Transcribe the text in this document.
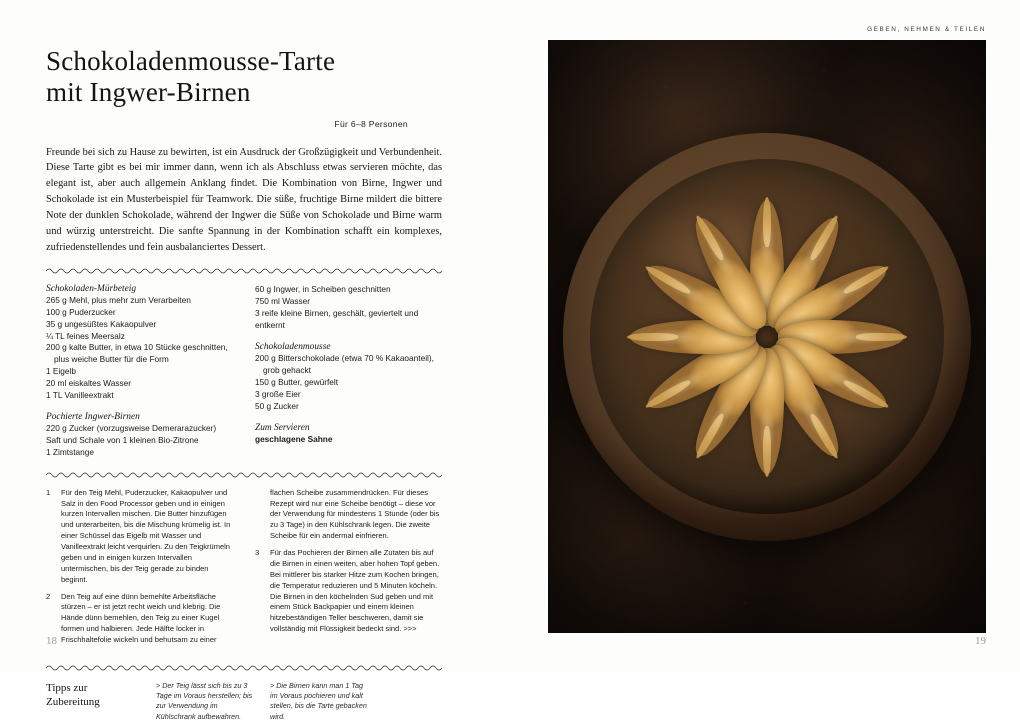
Schokoladenmousse-Tarte
mit Ingwer-Birnen
Für 6–8 Personen

Freunde bei sich zu Hause zu bewirten, ist ein Ausdruck der Großzügigkeit und Verbundenheit. Diese Tarte gibt es bei mir immer dann, wenn ich als Abschluss etwas servieren möchte, das elegant ist, aber auch allgemein Anklang findet. Die Kombination von Birne, Ingwer und Schokolade ist ein Musterbeispiel für Teamwork. Die süße, fruchtige Birne mildert die bittere Note der dunklen Schokolade, während der Ingwer die Süße von Schokolade und Birne warm und würzig unterstreicht. Die sanfte Spannung in der Kombination schafft ein komplexes, zufriedenstellendes und fein ausbalanciertes Dessert.

Schokoladen-Mürbeteig
265 g Mehl, plus mehr zum Verarbeiten
100 g Puderzucker
35 g ungesüßtes Kakaopulver
¼ TL feines Meersalz
200 g kalte Butter, in etwa 10 Stücke geschnitten,
plus weiche Butter für die Form
1 Eigelb
20 ml eiskaltes Wasser
1 TL Vanilleextrakt
Pochierte Ingwer-Birnen
220 g Zucker (vorzugsweise Demerarazucker)
Saft und Schale von 1 kleinen Bio-Zitrone
1 Zimtstange
60 g Ingwer, in Scheiben geschnitten
750 ml Wasser
3 reife kleine Birnen, geschält, geviertelt und
entkernt
Schokoladenmousse
200 g Bitterschokolade (etwa 70 % Kakaoanteil),
grob gehackt
150 g Butter, gewürfelt
3 große Eier
50 g Zucker
Zum Servieren
geschlagene Sahne
1	Für den Teig Mehl, Puderzucker, Kakaopulver und Salz in den Food Processor geben und in einigen kurzen Intervallen mischen. Die Butter hinzufügen und unterarbeiten, bis die Mischung krümelig ist. In einer Schüssel das Eigelb mit Wasser und Vanilleextrakt leicht verquirlen. Zu den Teigkrümeln geben und in einigen kurzen Intervallen untermischen, bis der Teig gerade zu binden beginnt.
2	Den Teig auf eine dünn bemehlte Arbeitsfläche stürzen – er ist jetzt recht weich und klebrig. Die Hände dünn bemehlen, den Teig zu einer Kugel formen und halbieren. Jede Hälfte locker in Frischhaltefolie wickeln und behutsam zu einer
flachen Scheibe zusammendrücken. Für dieses Rezept wird nur eine Scheibe benötigt – diese vor der Verwendung für mindestens 1 Stunde (oder bis zu 3 Tage) in den Kühlschrank legen. Die zweite Scheibe für ein andermal einfrieren.
3	Für das Pochieren der Birnen alle Zutaten bis auf die Birnen in einen weiten, aber hohen Topf geben. Bei mittlerer bis starker Hitze zum Kochen bringen, die Temperatur reduzieren und 5 Minuten köcheln. Die Birnen in den köchelnden Sud geben und mit einem Stück Backpapier und einem kleinen hitzebeständigen Teller beschweren, damit sie vollständig mit Flüssigkeit bedeckt sind. >>>
Tipps zur
Zubereitung
> Der Teig lässt sich bis zu 3 Tage im Voraus herstellen; bis zur Verwendung im Kühlschrank aufbewahren.
> Die Birnen kann man 1 Tag im Voraus pochieren und kalt stellen, bis die Tarte gebacken wird.
18
GEBEN, NEHMEN & TEILEN
19
